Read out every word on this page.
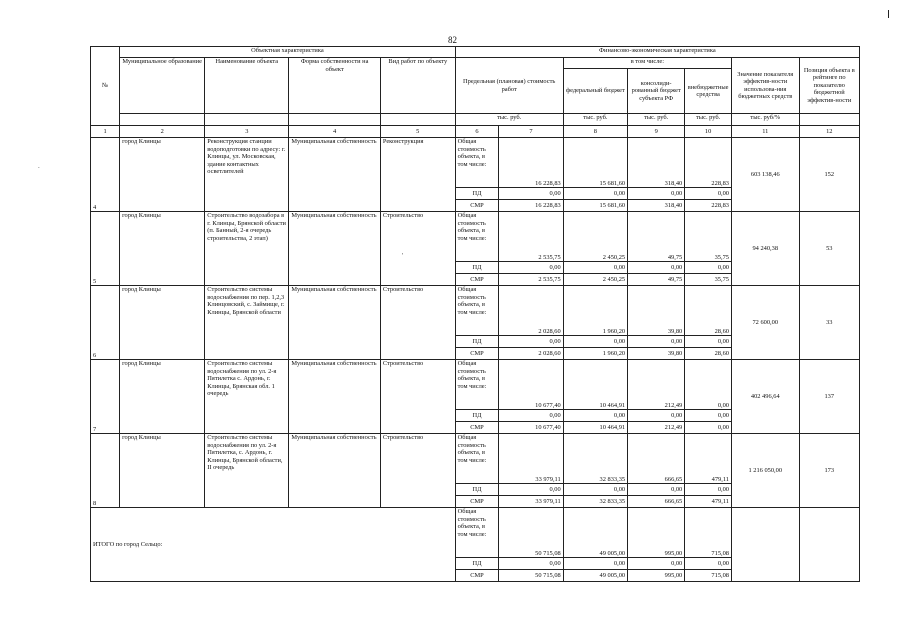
82
.
'
№	Объектная характеристика				Финансово-экономическая характеристика						
	Муниципальное образование	Наименование объекта	Форма собственности на объект	Вид работ по объекту	Предельная (плановая) стоимость работ		в том числе:			Значение показателя эффектив-ности использова-ния бюджетных средств	Позиция объекта в рейтинге по показателю бюджетной эффектив-ности
							федеральный бюджет	консолиди-рованный бюджет субъекта РФ	внебюджетные средства		
					тыс. руб.		тыс. руб.	тыс. руб.	тыс. руб.	тыс. руб/%	
1	2	3	4	5	6	7	8	9	10	11	12
4	город Клинцы	Реконструкция станции водоподготовки по адресу: г. Клинцы, ул. Московская, здание контактных осветлителей	Муниципальная собственность	Реконструкция	Общая стоимость объекта, в том числе:	16 228,83	15 681,60	318,40	228,83	603 138,46	152
					ПД	0,00	0,00	0,00	0,00		
					СМР	16 228,83	15 681,60	318,40	228,83		
5	город Клинцы	Строительство водозабора в г. Клинцы, Брянской области (п. Банный, 2-я очередь строительства, 2 этап)	Муниципальная собственность	Строительство	Общая стоимость объекта, в том числе:	2 535,75	2 450,25	49,75	35,75	94 240,38	53
					ПД	0,00	0,00	0,00	0,00		
					СМР	2 535,75	2 450,25	49,75	35,75		
6	город Клинцы	Строительство системы водоснабжения по пер. 1,2,3 Клинцовский, с. Займище, г. Клинцы, Брянской области	Муниципальная собственность	Строительство	Общая стоимость объекта, в том числе:	2 028,60	1 960,20	39,80	28,60	72 600,00	33
					ПД	0,00	0,00	0,00	0,00		
					СМР	2 028,60	1 960,20	39,80	28,60		
7	город Клинцы	Строительство системы водоснабжения по ул. 2-я Пятилетка с. Ардонь, г. Клинцы, Брянская обл. 1 очередь	Муниципальная собственность	Строительство	Общая стоимость объекта, в том числе:	10 677,40	10 464,91	212,49	0,00	402 496,64	137
					ПД	0,00	0,00	0,00	0,00		
					СМР	10 677,40	10 464,91	212,49	0,00		
8	город Клинцы	Строительство системы водоснабжения по ул. 2-я Пятилетка, с. Ардонь, г. Клинцы, Брянской области, II очередь	Муниципальная собственность	Строительство	Общая стоимость объекта, в том числе:	33 979,11	32 833,35	666,65	479,11	1 216 050,00	173
					ПД	0,00	0,00	0,00	0,00		
					СМР	33 979,11	32 833,35	666,65	479,11		
ИТОГО по город Сельцо:					Общая стоимость объекта, в том числе:	50 715,08	49 005,00	995,00	715,08		
					ПД	0,00	0,00	0,00	0,00		
					СМР	50 715,08	49 005,00	995,00	715,08		
